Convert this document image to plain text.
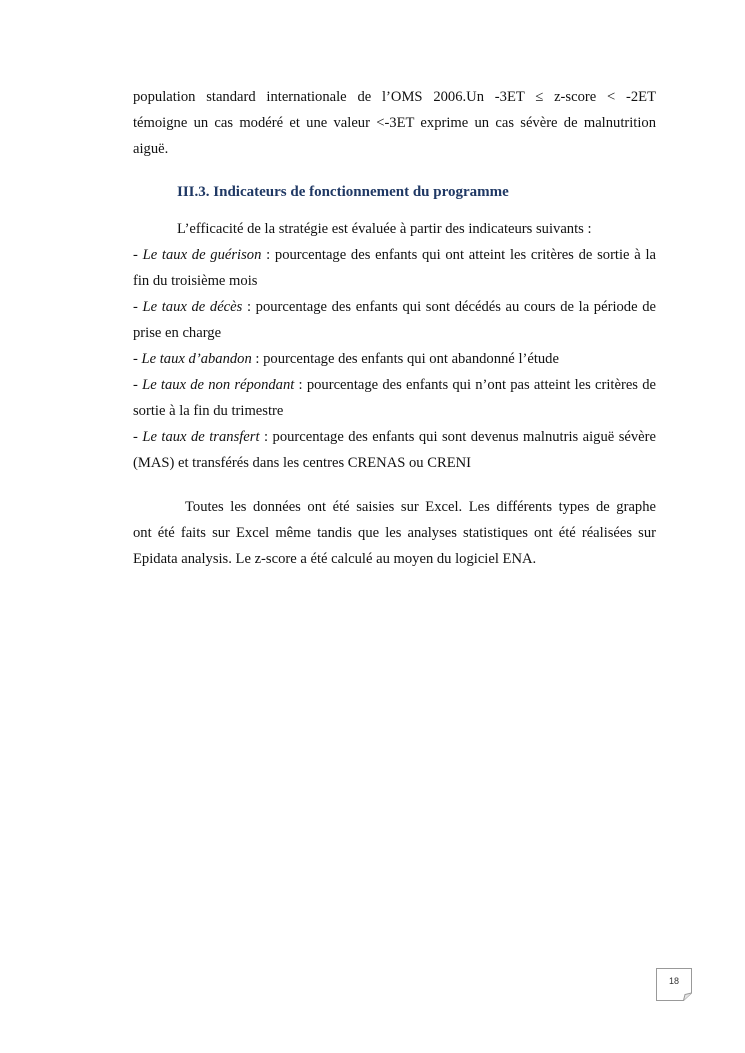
population standard internationale de l’OMS 2006.Un -3ET ≤ z-score < -2ET
témoigne un cas modéré et une valeur <-3ET exprime un cas sévère de malnutrition
aiguë.
III.3. Indicateurs de fonctionnement du programme
L’efficacité de la stratégie est évaluée à partir des indicateurs suivants :
- Le taux de guérison : pourcentage des enfants qui ont atteint les critères de sortie à la fin du troisième mois
- Le taux de décès : pourcentage des enfants qui sont décédés au cours de la période de prise en charge
- Le taux d’abandon : pourcentage des enfants qui ont abandonné l’étude
- Le taux de non répondant : pourcentage des enfants qui n’ont pas atteint les critères de sortie à la fin du trimestre
- Le taux de transfert : pourcentage des enfants qui sont devenus malnutris aiguë sévère (MAS) et transférés dans les centres CRENAS ou CRENI
Toutes les données ont été saisies sur Excel. Les différents types de graphe
ont été faits sur Excel même tandis que les analyses statistiques ont été réalisées sur
Epidata analysis. Le z-score a été calculé au moyen du logiciel ENA.
18
